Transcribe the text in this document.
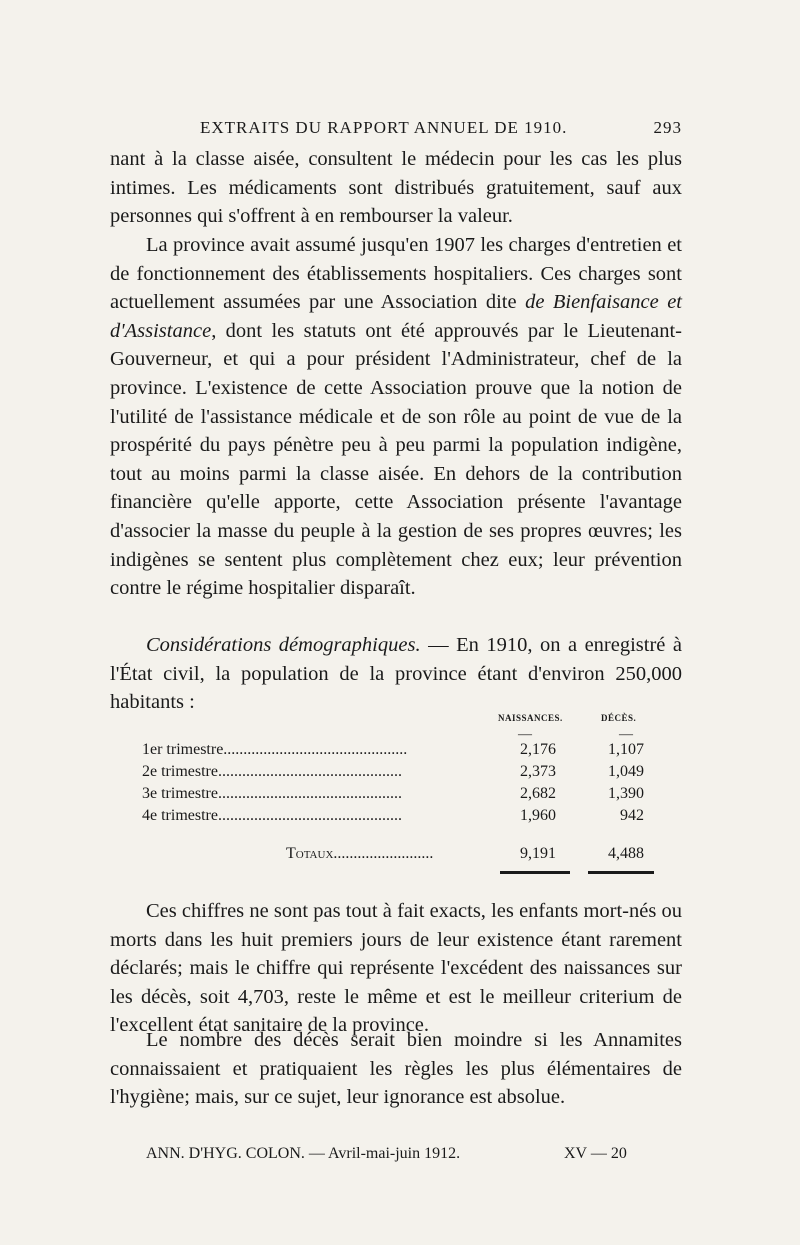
EXTRAITS DU RAPPORT ANNUEL DE 1910.	293

nant à la classe aisée, consultent le médecin pour les cas les plus intimes. Les médicaments sont distribués gratuitement, sauf aux personnes qui s'offrent à en rembourser la valeur.

La province avait assumé jusqu'en 1907 les charges d'entretien et de fonctionnement des établissements hospitaliers. Ces charges sont actuellement assumées par une Association dite de Bienfaisance et d'Assistance, dont les statuts ont été approuvés par le Lieutenant-Gouverneur, et qui a pour président l'Administrateur, chef de la province. L'existence de cette Association prouve que la notion de l'utilité de l'assistance médicale et de son rôle au point de vue de la prospérité du pays pénètre peu à peu parmi la population indigène, tout au moins parmi la classe aisée. En dehors de la contribution financière qu'elle apporte, cette Association présente l'avantage d'associer la masse du peuple à la gestion de ses propres œuvres; les indigènes se sentent plus complètement chez eux; leur prévention contre le régime hospitalier disparaît.

Considérations démographiques. — En 1910, on a enregistré à l'État civil, la population de la province étant d'environ 250,000 habitants :

NAISSANCES.	DÉCÈS.
—	—
1er trimestre..............................................	2,176	1,107
2e trimestre..............................................	2,373	1,049
3e trimestre..............................................	2,682	1,390
4e trimestre..............................................	1,960	942
Totaux.........................	9,191	4,488

Ces chiffres ne sont pas tout à fait exacts, les enfants mort-nés ou morts dans les huit premiers jours de leur existence étant rarement déclarés; mais le chiffre qui représente l'excédent des naissances sur les décès, soit 4,703, reste le même et est le meilleur criterium de l'excellent état sanitaire de la province.

Le nombre des décès serait bien moindre si les Annamites connaissaient et pratiquaient les règles les plus élémentaires de l'hygiène; mais, sur ce sujet, leur ignorance est absolue.

ANN. D'HYG. COLON. — Avril-mai-juin 1912.	XV — 20
